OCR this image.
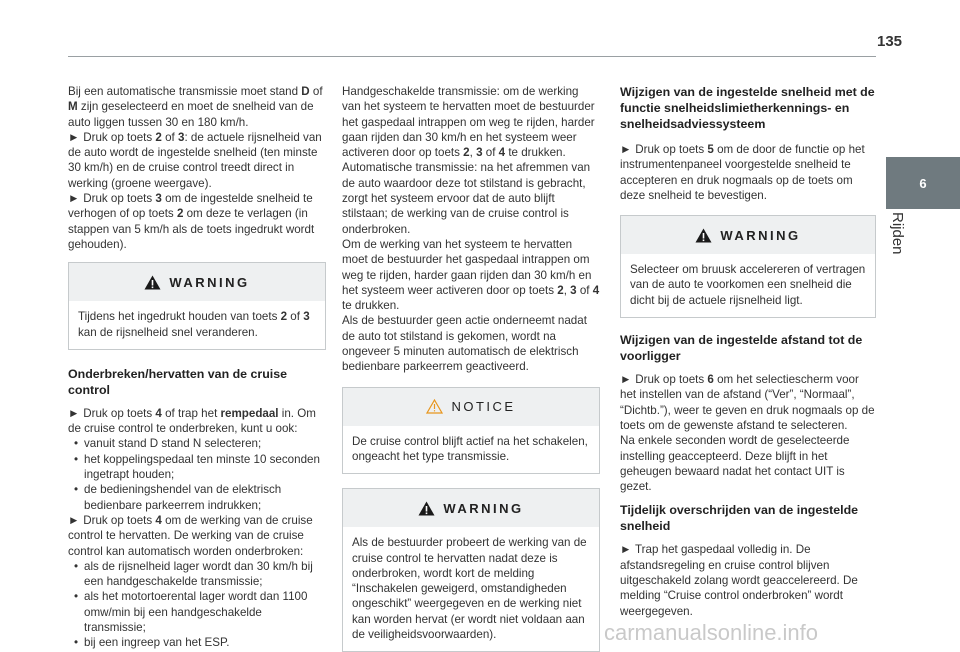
135
6
Rijden

Bij een automatische transmissie moet stand D of M zijn geselecteerd en moet de snelheid van de auto liggen tussen 30 en 180 km/h.

► Druk op toets 2 of 3: de actuele rijsnelheid van de auto wordt de ingestelde snelheid (ten minste 30 km/h) en de cruise control treedt direct in werking (groene weergave).

► Druk op toets 3 om de ingestelde snelheid te verhogen of op toets 2 om deze te verlagen (in stappen van 5 km/h als de toets ingedrukt wordt gehouden).

WARNING
Tijdens het ingedrukt houden van toets 2 of 3 kan de rijsnelheid snel veranderen.

Onderbreken/hervatten van de cruise control

► Druk op toets 4 of trap het rempedaal in. Om de cruise control te onderbreken, kunt u ook:

• vanuit stand D stand N selecteren;
• het koppelingspedaal ten minste 10 seconden ingetrapt houden;
• de bedieningshendel van de elektrisch bedienbare parkeerrem indrukken;

► Druk op toets 4 om de werking van de cruise control te hervatten. De werking van de cruise control kan automatisch worden onderbroken:

• als de rijsnelheid lager wordt dan 30 km/h bij een handgeschakelde transmissie;
• als het motortoerental lager wordt dan 1100 omw/min bij een handgeschakelde transmissie;
• bij een ingreep van het ESP.

Handgeschakelde transmissie: om de werking van het systeem te hervatten moet de bestuurder het gaspedaal intrappen om weg te rijden, harder gaan rijden dan 30 km/h en het systeem weer activeren door op toets 2, 3 of 4 te drukken.

Automatische transmissie: na het afremmen van de auto waardoor deze tot stilstand is gebracht, zorgt het systeem ervoor dat de auto blijft stilstaan; de werking van de cruise control is onderbroken.

Om de werking van het systeem te hervatten moet de bestuurder het gaspedaal intrappen om weg te rijden, harder gaan rijden dan 30 km/h en het systeem weer activeren door op toets 2, 3 of 4 te drukken.

Als de bestuurder geen actie onderneemt nadat de auto tot stilstand is gekomen, wordt na ongeveer 5 minuten automatisch de elektrisch bedienbare parkeerrem geactiveerd.

NOTICE
De cruise control blijft actief na het schakelen, ongeacht het type transmissie.
WARNING
Als de bestuurder probeert de werking van de cruise control te hervatten nadat deze is onderbroken, wordt kort de melding “Inschakelen geweigerd, omstandigheden ongeschikt” weergegeven en de werking niet kan worden hervat (er wordt niet voldaan aan de veiligheidsvoorwaarden).

Wijzigen van de ingestelde snelheid met de functie snelheidslimietherkennings- en snelheidsadviessysteem

► Druk op toets 5 om de door de functie op het instrumentenpaneel voorgestelde snelheid te accepteren en druk nogmaals op de toets om deze snelheid te bevestigen.

WARNING
Selecteer om bruusk accelereren of vertragen van de auto te voorkomen een snelheid die dicht bij de actuele rijsnelheid ligt.

Wijzigen van de ingestelde afstand tot de voorligger

► Druk op toets 6 om het selectiescherm voor het instellen van de afstand (“Ver”, “Normaal”, “Dichtb.”), weer te geven en druk nogmaals op de toets om de gewenste afstand te selecteren.

Na enkele seconden wordt de geselecteerde instelling geaccepteerd. Deze blijft in het geheugen bewaard nadat het contact UIT is gezet.

Tijdelijk overschrijden van de ingestelde snelheid

► Trap het gaspedaal volledig in. De afstandsregeling en cruise control blijven uitgeschakeld zolang wordt geaccelereerd. De melding “Cruise control onderbroken” wordt weergegeven.

carmanualsonline.info
